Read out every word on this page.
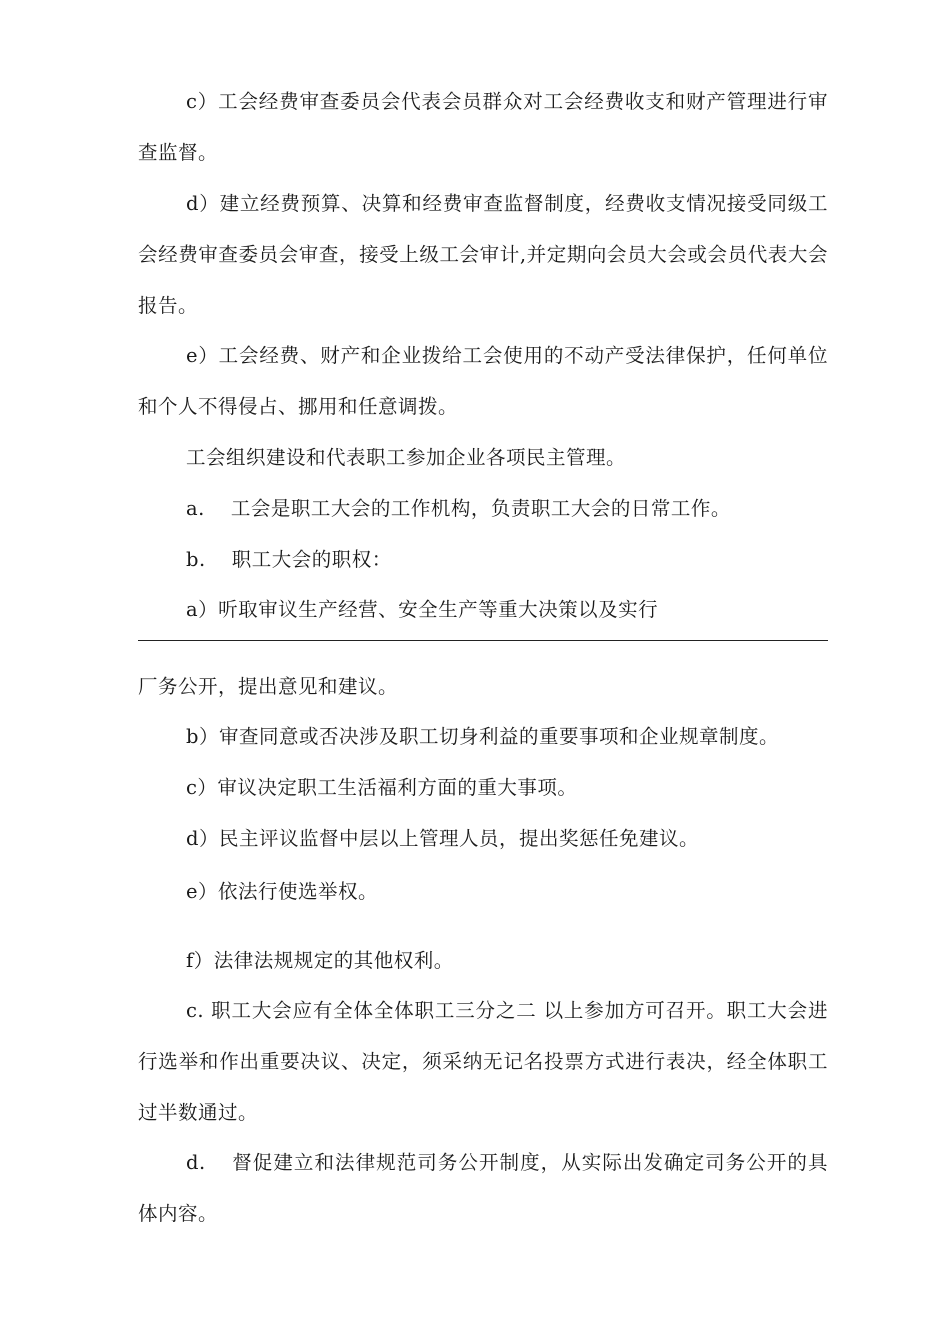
c）工会经费审查委员会代表会员群众对工会经费收支和财产管理进行审查监督。

d）建立经费预算、决算和经费审查监督制度，经费收支情况接受同级工会经费审查委员会审查，接受上级工会审计,并定期向会员大会或会员代表大会报告。

e）工会经费、财产和企业拨给工会使用的不动产受法律保护，任何单位和个人不得侵占、挪用和任意调拨。

工会组织建设和代表职工参加企业各项民主管理。

a. 工会是职工大会的工作机构，负责职工大会的日常工作。

b. 职工大会的职权：

a）听取审议生产经营、安全生产等重大决策以及实行

厂务公开，提出意见和建议。

b）审查同意或否决涉及职工切身利益的重要事项和企业规章制度。

c）审议决定职工生活福利方面的重大事项。

d）民主评议监督中层以上管理人员，提出奖惩任免建议。

e）依法行使选举权。

f）法律法规规定的其他权利。

c. 职工大会应有全体全体职工三分之二 以上参加方可召开。职工大会进行选举和作出重要决议、决定，须采纳无记名投票方式进行表决，经全体职工过半数通过。

d. 督促建立和法律规范司务公开制度，从实际出发确定司务公开的具体内容。
